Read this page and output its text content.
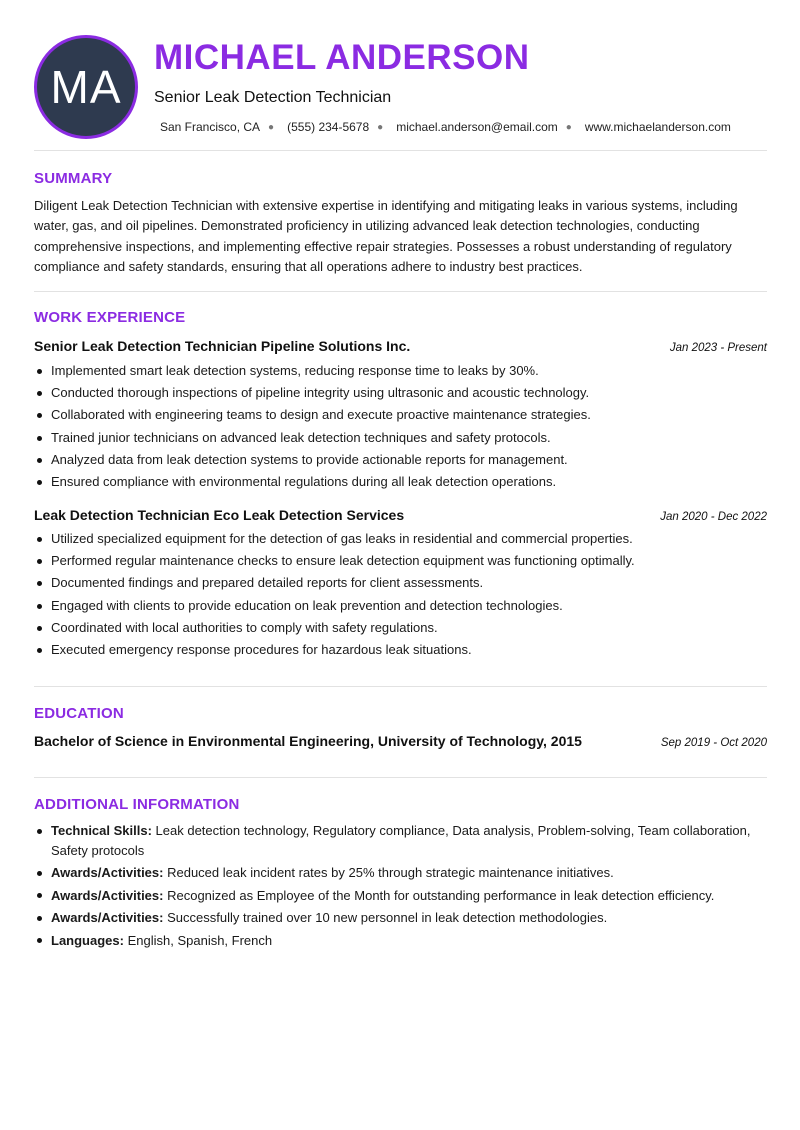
MA
MICHAEL ANDERSON
Senior Leak Detection Technician
San Francisco, CA ● (555) 234-5678 ● michael.anderson@email.com ● www.michaelanderson.com
SUMMARY
Diligent Leak Detection Technician with extensive expertise in identifying and mitigating leaks in various systems, including water, gas, and oil pipelines. Demonstrated proficiency in utilizing advanced leak detection technologies, conducting comprehensive inspections, and implementing effective repair strategies. Possesses a robust understanding of regulatory compliance and safety standards, ensuring that all operations adhere to industry best practices.
WORK EXPERIENCE
Senior Leak Detection Technician Pipeline Solutions Inc.	Jan 2023 - Present
Implemented smart leak detection systems, reducing response time to leaks by 30%.
Conducted thorough inspections of pipeline integrity using ultrasonic and acoustic technology.
Collaborated with engineering teams to design and execute proactive maintenance strategies.
Trained junior technicians on advanced leak detection techniques and safety protocols.
Analyzed data from leak detection systems to provide actionable reports for management.
Ensured compliance with environmental regulations during all leak detection operations.
Leak Detection Technician Eco Leak Detection Services	Jan 2020 - Dec 2022
Utilized specialized equipment for the detection of gas leaks in residential and commercial properties.
Performed regular maintenance checks to ensure leak detection equipment was functioning optimally.
Documented findings and prepared detailed reports for client assessments.
Engaged with clients to provide education on leak prevention and detection technologies.
Coordinated with local authorities to comply with safety regulations.
Executed emergency response procedures for hazardous leak situations.
EDUCATION
Bachelor of Science in Environmental Engineering, University of Technology, 2015	Sep 2019 - Oct 2020
ADDITIONAL INFORMATION
Technical Skills: Leak detection technology, Regulatory compliance, Data analysis, Problem-solving, Team collaboration, Safety protocols
Awards/Activities: Reduced leak incident rates by 25% through strategic maintenance initiatives.
Awards/Activities: Recognized as Employee of the Month for outstanding performance in leak detection efficiency.
Awards/Activities: Successfully trained over 10 new personnel in leak detection methodologies.
Languages: English, Spanish, French
